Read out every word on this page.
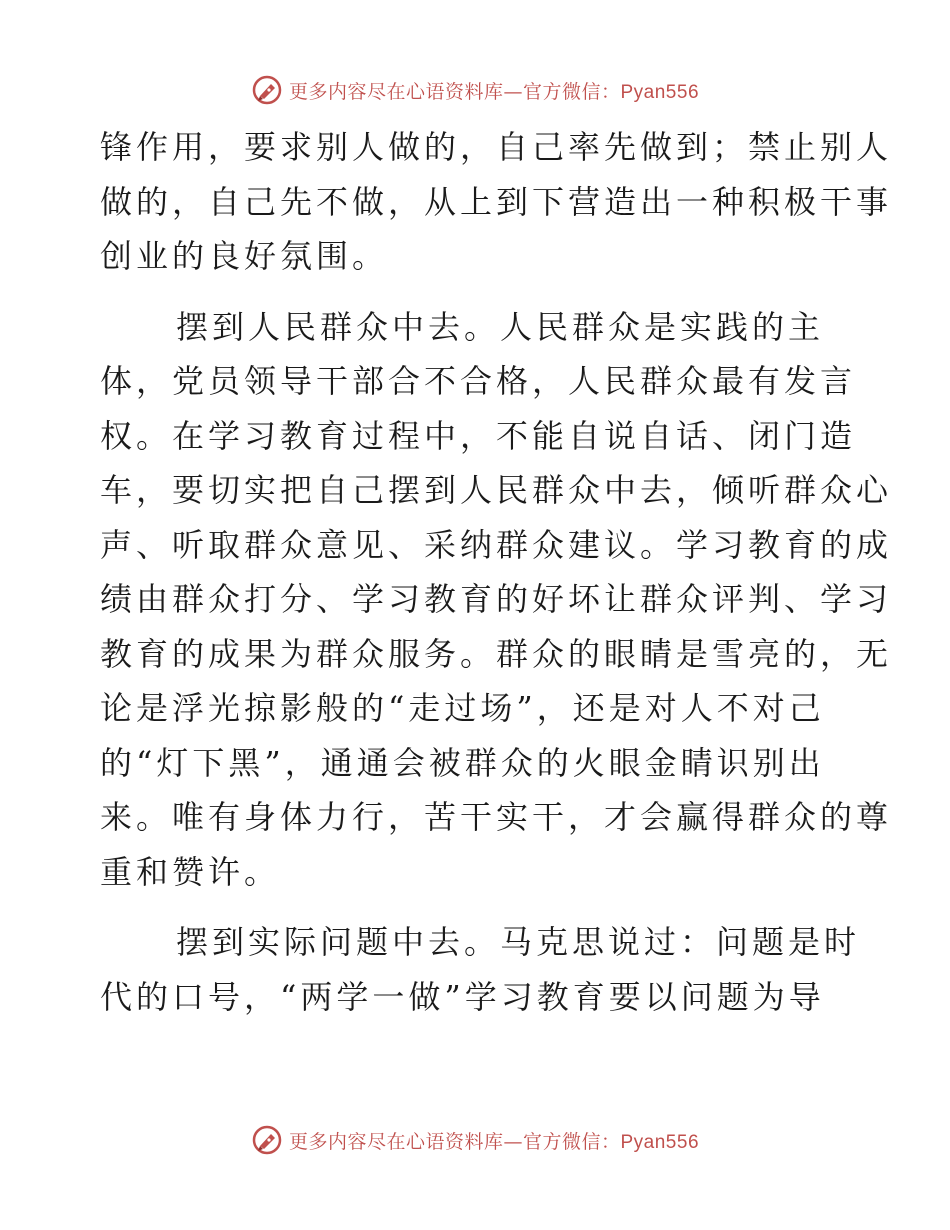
更多内容尽在心语资料库—官方微信：Pyan556
锋作用，要求别人做的，自己率先做到；禁止别人
做的，自己先不做，从上到下营造出一种积极干事
创业的良好氛围。
摆到人民群众中去。人民群众是实践的主
体，党员领导干部合不合格，人民群众最有发言
权。在学习教育过程中，不能自说自话、闭门造
车，要切实把自己摆到人民群众中去，倾听群众心
声、听取群众意见、采纳群众建议。学习教育的成
绩由群众打分、学习教育的好坏让群众评判、学习
教育的成果为群众服务。群众的眼睛是雪亮的，无
论是浮光掠影般的“走过场”，还是对人不对己
的“灯下黑”，通通会被群众的火眼金睛识别出
来。唯有身体力行，苦干实干，才会赢得群众的尊
重和赞许。
摆到实际问题中去。马克思说过：问题是时
代的口号，“两学一做”学习教育要以问题为导
更多内容尽在心语资料库—官方微信：Pyan556
